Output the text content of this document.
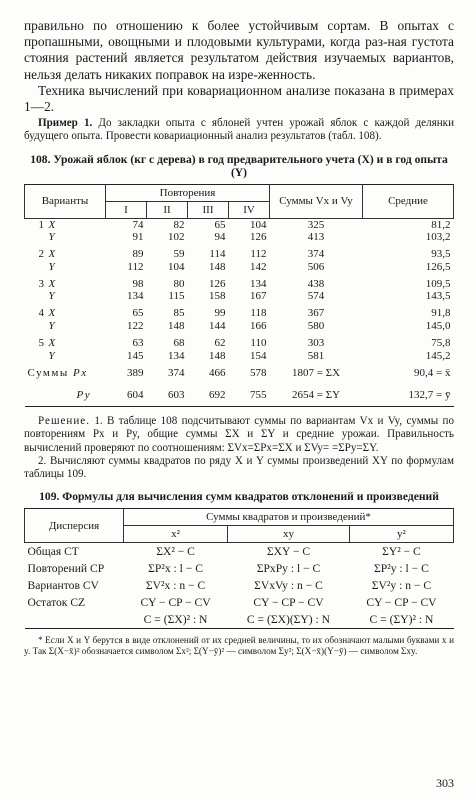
правильно по отношению к более устойчивым сортам. В опытах с пропашными, овощными и плодовыми культурами, когда раз-ная густота стояния растений является результатом действия изучаемых вариантов, нельзя делать никаких поправок на изре-женность.

Техника вычислений при ковариационном анализе показана в примерах 1—2.

Пример 1. До закладки опыта с яблоней учтен урожай яблок с каждой делянки будущего опыта. Провести ковариационный анализ результатов (табл. 108).

108. Урожай яблок (кг с дерева) в год предварительного учета (X) и в год опыта (Y)
Варианты	Повторения				Суммы Vx и Vy	Средние
	I	II	III	IV		
1 X	74	82	65	104	325	81,2
Y	91	102	94	126	413	103,2
2 X	89	59	114	112	374	93,5
Y	112	104	148	142	506	126,5
3 X	98	80	126	134	438	109,5
Y	134	115	158	167	574	143,5
4 X	65	85	99	118	367	91,8
Y	122	148	144	166	580	145,0
5 X	63	68	62	110	303	75,8
Y	145	134	148	154	581	145,2
Суммы Px	389	374	466	578	1807 = ΣX	90,4 = x̄
Py	604	603	692	755	2654 = ΣY	132,7 = ȳ

Решение. 1. В таблице 108 подсчитывают суммы по вариантам Vx и Vy, суммы по повторениям Px и Py, общие суммы ΣX и ΣY и средние урожаи. Правильность вычислений проверяют по соотношениям: ΣVx=ΣPx=ΣX и ΣVy= =ΣPy=ΣY.

2. Вычисляют суммы квадратов по ряду X и Y суммы произведений XY по формулам таблицы 109.

109. Формулы для вычисления сумм квадратов отклонений и произведений
Дисперсия	Суммы квадратов и произведений*		
	x²	xy	y²
Общая CT	ΣX² − C	ΣXY − C	ΣY² − C
Повторений CP	ΣP²x : l − C	ΣPxPy : l − C	ΣP²y : l − C
Вариантов CV	ΣV²x : n − C	ΣVxVy : n − C	ΣV²y : n − C
Остаток CZ	CY − CP − CV	CY − CP − CV	CY − CP − CV
	C = (ΣX)² : N	C = (ΣX)(ΣY) : N	C = (ΣY)² : N

* Если X и Y берутся в виде отклонений от их средней величины, то их обозначают малыми буквами x и y. Так Σ(X−x̄)² обозначается символом Σx²; Σ(Y−ȳ)² — символом Σy²; Σ(X−x̄)(Y−ȳ) — символом Σxy.

303
